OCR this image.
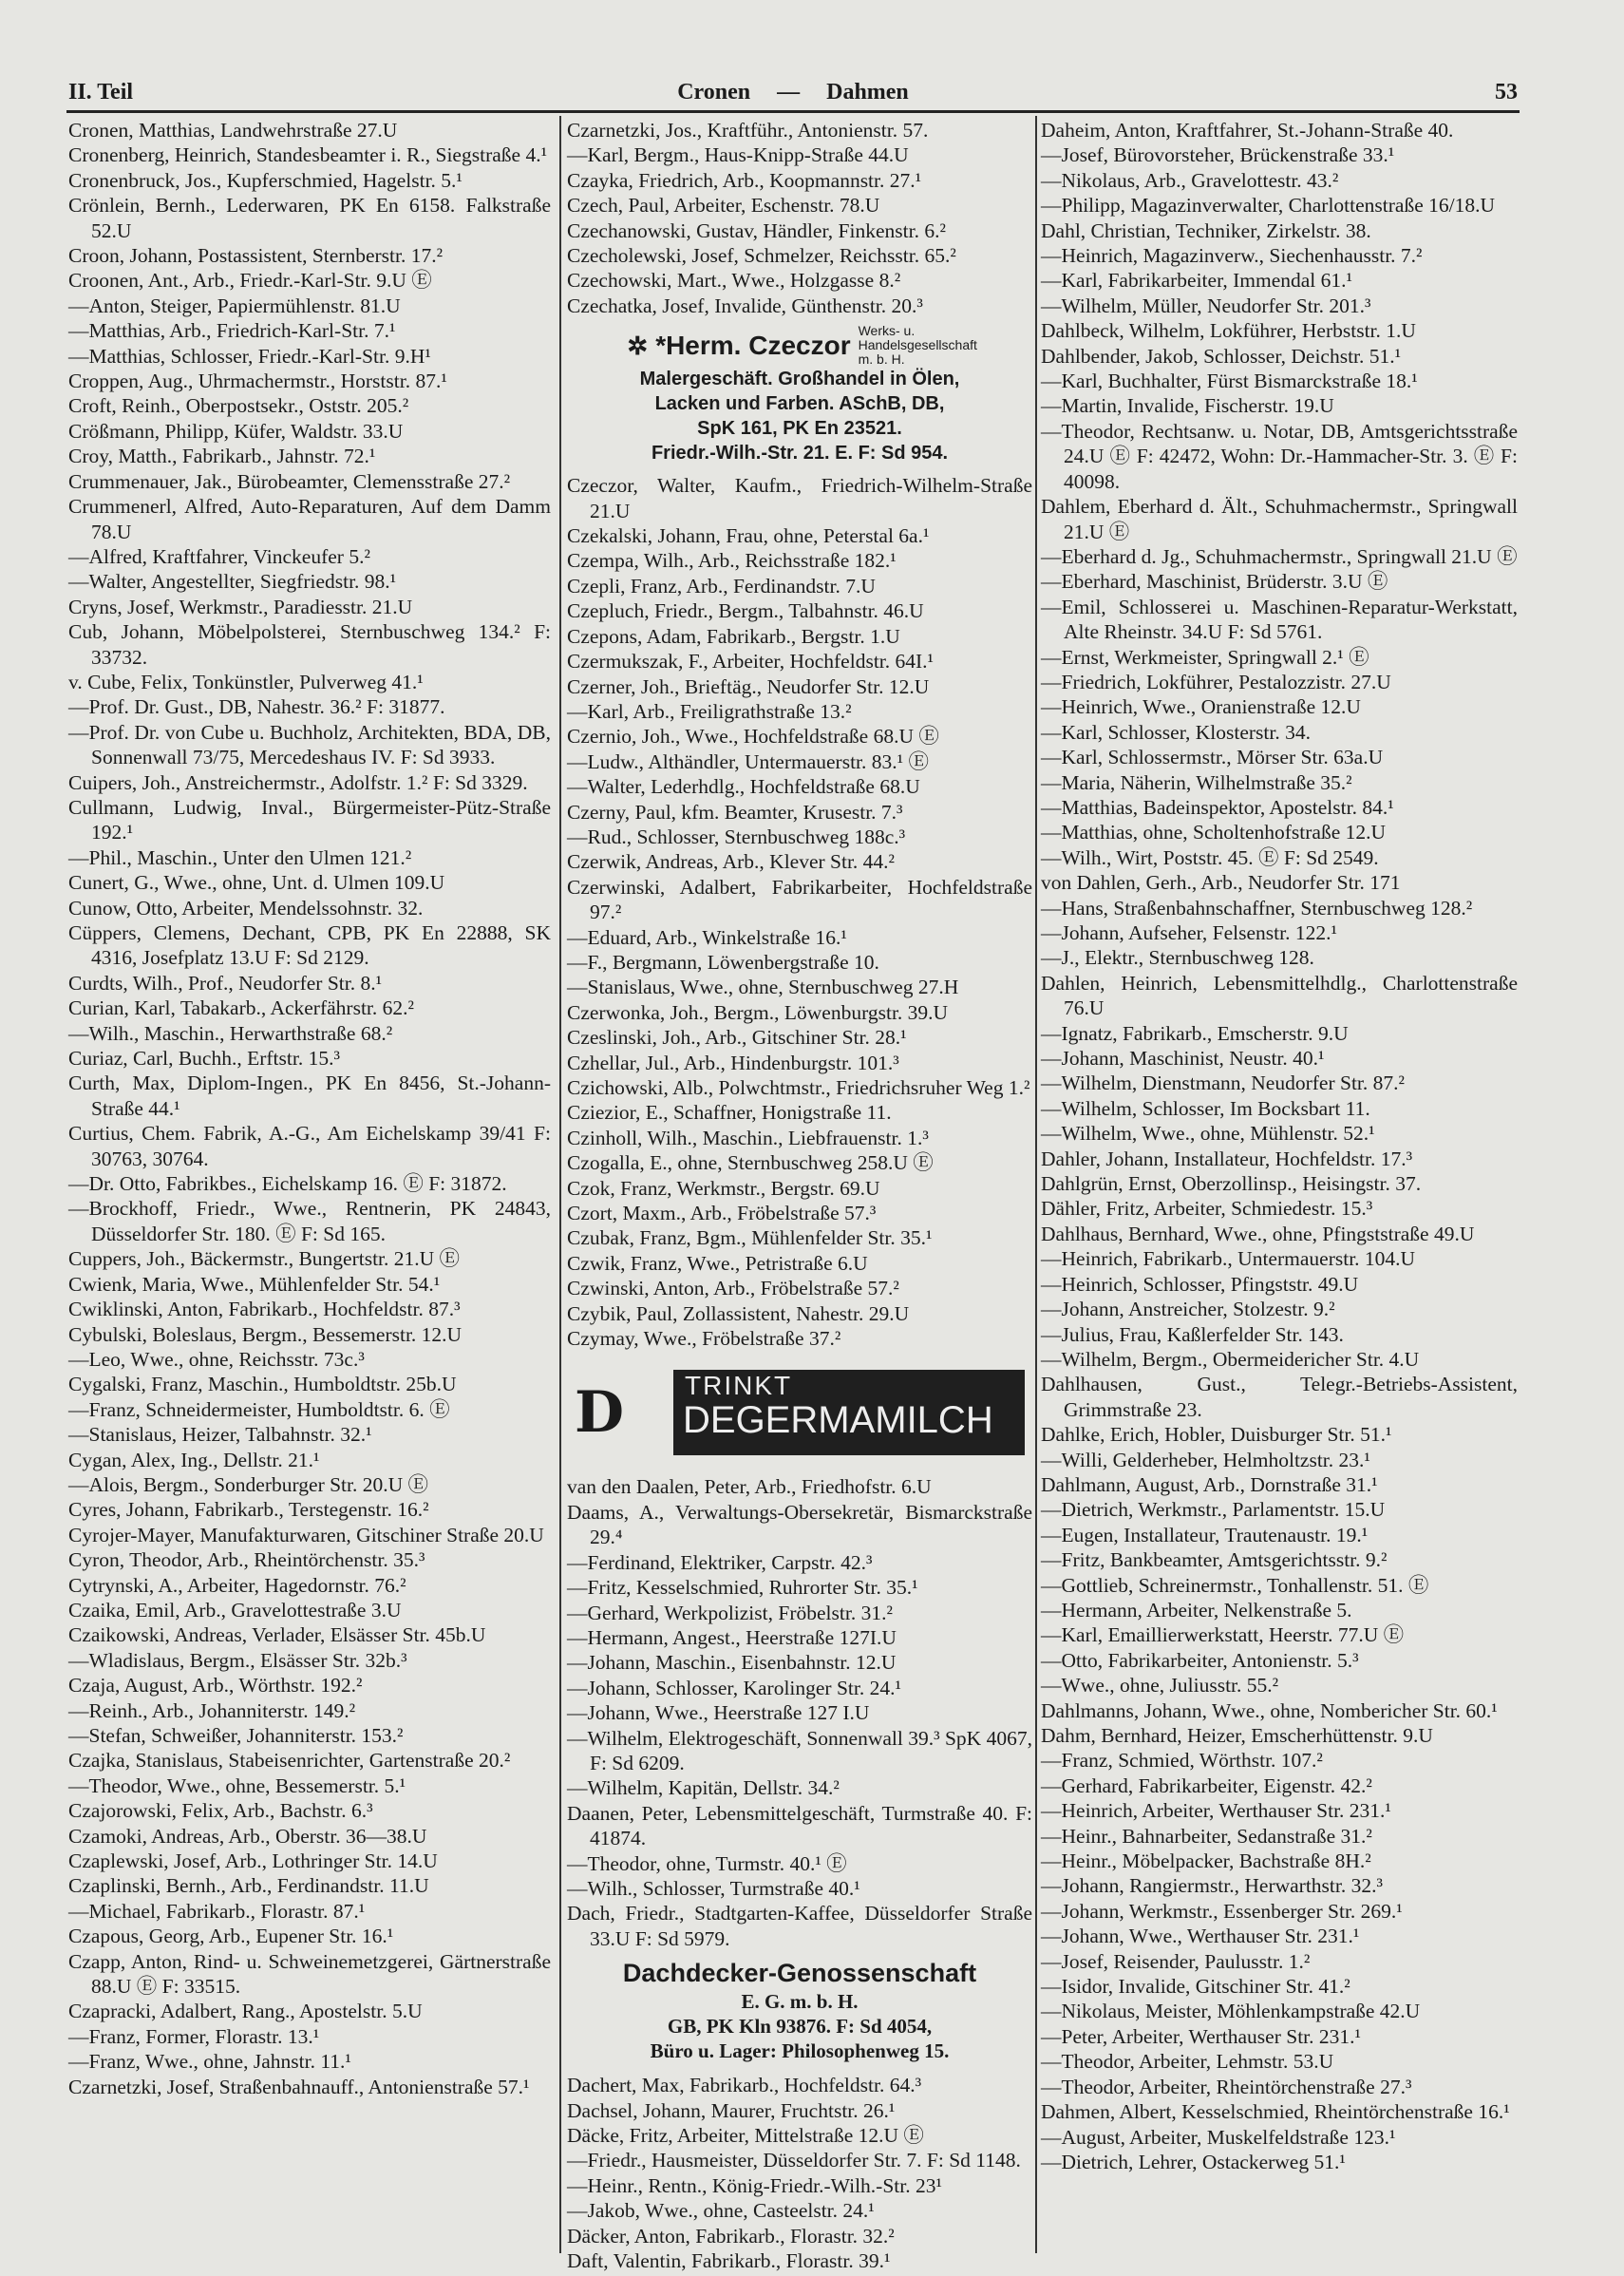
II. Teil	Cronen — Dahmen	53
Cronen, Matthias, Landwehrstraße 27.U
Cronenberg, Heinrich, Standesbeamter i. R., Siegstraße 4.¹
Cronenbruck, Jos., Kupferschmied, Hagelstr. 5.¹
Crönlein, Bernh., Lederwaren, PK En 6158. Falkstraße 52.U
Croon, Johann, Postassistent, Sternberstr. 17.²
Croonen, Ant., Arb., Friedr.-Karl-Str. 9.U Ⓔ
—Anton, Steiger, Papiermühlenstr. 81.U
—Matthias, Arb., Friedrich-Karl-Str. 7.¹
—Matthias, Schlosser, Friedr.-Karl-Str. 9.H¹
Croppen, Aug., Uhrmachermstr., Horststr. 87.¹
Croft, Reinh., Oberpostsekr., Oststr. 205.²
Crößmann, Philipp, Küfer, Waldstr. 33.U
Croy, Matth., Fabrikarb., Jahnstr. 72.¹
Crummenauer, Jak., Bürobeamter, Clemensstraße 27.²
Crummenerl, Alfred, Auto-Reparaturen, Auf dem Damm 78.U
—Alfred, Kraftfahrer, Vinckeufer 5.²
—Walter, Angestellter, Siegfriedstr. 98.¹
Cryns, Josef, Werkmstr., Paradiesstr. 21.U
Cub, Johann, Möbelpolsterei, Sternbuschweg 134.² F: 33732.
v. Cube, Felix, Tonkünstler, Pulverweg 41.¹
—Prof. Dr. Gust., DB, Nahestr. 36.² F: 31877.
—Prof. Dr. von Cube u. Buchholz, Architekten, BDA, DB, Sonnenwall 73/75, Mercedeshaus IV. F: Sd 3933.
Cuipers, Joh., Anstreichermstr., Adolfstr. 1.² F: Sd 3329.
Cullmann, Ludwig, Inval., Bürgermeister-Pütz-Straße 192.¹
—Phil., Maschin., Unter den Ulmen 121.²
Cunert, G., Wwe., ohne, Unt. d. Ulmen 109.U
Cunow, Otto, Arbeiter, Mendelssohnstr. 32.
Cüppers, Clemens, Dechant, CPB, PK En 22888, SK 4316, Josefplatz 13.U F: Sd 2129.
Curdts, Wilh., Prof., Neudorfer Str. 8.¹
Curian, Karl, Tabakarb., Ackerfährstr. 62.²
—Wilh., Maschin., Herwarthstraße 68.²
Curiaz, Carl, Buchh., Erftstr. 15.³
Curth, Max, Diplom-Ingen., PK En 8456, St.-Johann-Straße 44.¹
Curtius, Chem. Fabrik, A.-G., Am Eichelskamp 39/41 F: 30763, 30764.
—Dr. Otto, Fabrikbes., Eichelskamp 16. Ⓔ F: 31872.
—Brockhoff, Friedr., Wwe., Rentnerin, PK 24843, Düsseldorfer Str. 180. Ⓔ F: Sd 165.
Cuppers, Joh., Bäckermstr., Bungertstr. 21.U Ⓔ
Cwienk, Maria, Wwe., Mühlenfelder Str. 54.¹
Cwiklinski, Anton, Fabrikarb., Hochfeldstr. 87.³
Cybulski, Boleslaus, Bergm., Bessemerstr. 12.U
—Leo, Wwe., ohne, Reichsstr. 73c.³
Cygalski, Franz, Maschin., Humboldtstr. 25b.U
—Franz, Schneidermeister, Humboldtstr. 6. Ⓔ
—Stanislaus, Heizer, Talbahnstr. 32.¹
Cygan, Alex, Ing., Dellstr. 21.¹
—Alois, Bergm., Sonderburger Str. 20.U Ⓔ
Cyres, Johann, Fabrikarb., Terstegenstr. 16.²
Cyrojer-Mayer, Manufakturwaren, Gitschiner Straße 20.U
Cyron, Theodor, Arb., Rheintörchenstr. 35.³
Cytrynski, A., Arbeiter, Hagedornstr. 76.²
Czaika, Emil, Arb., Gravelottestraße 3.U
Czaikowski, Andreas, Verlader, Elsässer Str. 45b.U
—Wladislaus, Bergm., Elsässer Str. 32b.³
Czaja, August, Arb., Wörthstr. 192.²
—Reinh., Arb., Johanniterstr. 149.²
—Stefan, Schweißer, Johanniterstr. 153.²
Czajka, Stanislaus, Stabeisenrichter, Gartenstraße 20.²
—Theodor, Wwe., ohne, Bessemerstr. 5.¹
Czajorowski, Felix, Arb., Bachstr. 6.³
Czamoki, Andreas, Arb., Oberstr. 36—38.U
Czaplewski, Josef, Arb., Lothringer Str. 14.U
Czaplinski, Bernh., Arb., Ferdinandstr. 11.U
—Michael, Fabrikarb., Florastr. 87.¹
Czapous, Georg, Arb., Eupener Str. 16.¹
Czapp, Anton, Rind- u. Schweinemetzgerei, Gärtnerstraße 88.U Ⓔ F: 33515.
Czapracki, Adalbert, Rang., Apostelstr. 5.U
—Franz, Former, Florastr. 13.¹
—Franz, Wwe., ohne, Jahnstr. 11.¹
Czarnetzki, Josef, Straßenbahnauff., Antonienstraße 57.¹
Czarnetzki, Jos., Kraftführ., Antonienstr. 57.
—Karl, Bergm., Haus-Knipp-Straße 44.U
Czayka, Friedrich, Arb., Koopmannstr. 27.¹
Czech, Paul, Arbeiter, Eschenstr. 78.U
Czechanowski, Gustav, Händler, Finkenstr. 6.²
Czecholewski, Josef, Schmelzer, Reichsstr. 65.²
Czechowski, Mart., Wwe., Holzgasse 8.²
Czechatka, Josef, Invalide, Günthenstr. 20.³
✲ *Herm. Czeczor Werks- u. Handelsgesellschaft m. b. H.
Malergeschäft. Großhandel in Ölen,
Lacken und Farben. ASchB, DB,
SpK 161, PK En 23521.
Friedr.-Wilh.-Str. 21. E. F: Sd 954.
Czeczor, Walter, Kaufm., Friedrich-Wilhelm-Straße 21.U
Czekalski, Johann, Frau, ohne, Peterstal 6a.¹
Czempa, Wilh., Arb., Reichsstraße 182.¹
Czepli, Franz, Arb., Ferdinandstr. 7.U
Czepluch, Friedr., Bergm., Talbahnstr. 46.U
Czepons, Adam, Fabrikarb., Bergstr. 1.U
Czermukszak, F., Arbeiter, Hochfeldstr. 64I.¹
Czerner, Joh., Brieftäg., Neudorfer Str. 12.U
—Karl, Arb., Freiligrathstraße 13.²
Czernio, Joh., Wwe., Hochfeldstraße 68.U Ⓔ
—Ludw., Althändler, Untermauerstr. 83.¹ Ⓔ
—Walter, Lederhdlg., Hochfeldstraße 68.U
Czerny, Paul, kfm. Beamter, Krusestr. 7.³
—Rud., Schlosser, Sternbuschweg 188c.³
Czerwik, Andreas, Arb., Klever Str. 44.²
Czerwinski, Adalbert, Fabrikarbeiter, Hochfeldstraße 97.²
—Eduard, Arb., Winkelstraße 16.¹
—F., Bergmann, Löwenbergstraße 10.
—Stanislaus, Wwe., ohne, Sternbuschweg 27.H
Czerwonka, Joh., Bergm., Löwenburgstr. 39.U
Czeslinski, Joh., Arb., Gitschiner Str. 28.¹
Czhellar, Jul., Arb., Hindenburgstr. 101.³
Czichowski, Alb., Polwchtmstr., Friedrichsruher Weg 1.²
Cziezior, E., Schaffner, Honigstraße 11.
Czinholl, Wilh., Maschin., Liebfrauenstr. 1.³
Czogalla, E., ohne, Sternbuschweg 258.U Ⓔ
Czok, Franz, Werkmstr., Bergstr. 69.U
Czort, Maxm., Arb., Fröbelstraße 57.³
Czubak, Franz, Bgm., Mühlenfelder Str. 35.¹
Czwik, Franz, Wwe., Petristraße 6.U
Czwinski, Anton, Arb., Fröbelstraße 57.²
Czybik, Paul, Zollassistent, Nahestr. 29.U
Czymay, Wwe., Fröbelstraße 37.²
D TRINKT
DEGERMAMILCH
van den Daalen, Peter, Arb., Friedhofstr. 6.U
Daams, A., Verwaltungs-Obersekretär, Bismarckstraße 29.⁴
—Ferdinand, Elektriker, Carpstr. 42.³
—Fritz, Kesselschmied, Ruhrorter Str. 35.¹
—Gerhard, Werkpolizist, Fröbelstr. 31.²
—Hermann, Angest., Heerstraße 127I.U
—Johann, Maschin., Eisenbahnstr. 12.U
—Johann, Schlosser, Karolinger Str. 24.¹
—Johann, Wwe., Heerstraße 127 I.U
—Wilhelm, Elektrogeschäft, Sonnenwall 39.³ SpK 4067, F: Sd 6209.
—Wilhelm, Kapitän, Dellstr. 34.²
Daanen, Peter, Lebensmittelgeschäft, Turmstraße 40. F: 41874.
—Theodor, ohne, Turmstr. 40.¹ Ⓔ
—Wilh., Schlosser, Turmstraße 40.¹
Dach, Friedr., Stadtgarten-Kaffee, Düsseldorfer Straße 33.U F: Sd 5979.
Dachdecker-Genossenschaft
E. G. m. b. H.
GB, PK Kln 93876. F: Sd 4054,
Büro u. Lager: Philosophenweg 15.
Dachert, Max, Fabrikarb., Hochfeldstr. 64.³
Dachsel, Johann, Maurer, Fruchtstr. 26.¹
Däcke, Fritz, Arbeiter, Mittelstraße 12.U Ⓔ
—Friedr., Hausmeister, Düsseldorfer Str. 7. F: Sd 1148.
—Heinr., Rentn., König-Friedr.-Wilh.-Str. 23¹
—Jakob, Wwe., ohne, Casteelstr. 24.¹
Däcker, Anton, Fabrikarb., Florastr. 32.²
Daft, Valentin, Fabrikarb., Florastr. 39.¹
Daheim, Anton, Kraftfahrer, St.-Johann-Straße 40.
—Josef, Bürovorsteher, Brückenstraße 33.¹
—Nikolaus, Arb., Gravelottestr. 43.²
—Philipp, Magazinverwalter, Charlottenstraße 16/18.U
Dahl, Christian, Techniker, Zirkelstr. 38.
—Heinrich, Magazinverw., Siechenhausstr. 7.²
—Karl, Fabrikarbeiter, Immendal 61.¹
—Wilhelm, Müller, Neudorfer Str. 201.³
Dahlbeck, Wilhelm, Lokführer, Herbststr. 1.U
Dahlbender, Jakob, Schlosser, Deichstr. 51.¹
—Karl, Buchhalter, Fürst Bismarckstraße 18.¹
—Martin, Invalide, Fischerstr. 19.U
—Theodor, Rechtsanw. u. Notar, DB, Amtsgerichtsstraße 24.U Ⓔ F: 42472, Wohn: Dr.-Hammacher-Str. 3. Ⓔ F: 40098.
Dahlem, Eberhard d. Ält., Schuhmachermstr., Springwall 21.U Ⓔ
—Eberhard d. Jg., Schuhmachermstr., Springwall 21.U Ⓔ
—Eberhard, Maschinist, Brüderstr. 3.U Ⓔ
—Emil, Schlosserei u. Maschinen-Reparatur-Werkstatt, Alte Rheinstr. 34.U F: Sd 5761.
—Ernst, Werkmeister, Springwall 2.¹ Ⓔ
—Friedrich, Lokführer, Pestalozzistr. 27.U
—Heinrich, Wwe., Oranienstraße 12.U
—Karl, Schlosser, Klosterstr. 34.
—Karl, Schlossermstr., Mörser Str. 63a.U
—Maria, Näherin, Wilhelmstraße 35.²
—Matthias, Badeinspektor, Apostelstr. 84.¹
—Matthias, ohne, Scholtenhofstraße 12.U
—Wilh., Wirt, Poststr. 45. Ⓔ F: Sd 2549.
von Dahlen, Gerh., Arb., Neudorfer Str. 171
—Hans, Straßenbahnschaffner, Sternbuschweg 128.²
—Johann, Aufseher, Felsenstr. 122.¹
—J., Elektr., Sternbuschweg 128.
Dahlen, Heinrich, Lebensmittelhdlg., Charlottenstraße 76.U
—Ignatz, Fabrikarb., Emscherstr. 9.U
—Johann, Maschinist, Neustr. 40.¹
—Wilhelm, Dienstmann, Neudorfer Str. 87.²
—Wilhelm, Schlosser, Im Bocksbart 11.
—Wilhelm, Wwe., ohne, Mühlenstr. 52.¹
Dahler, Johann, Installateur, Hochfeldstr. 17.³
Dahlgrün, Ernst, Oberzollinsp., Heisingstr. 37.
Dähler, Fritz, Arbeiter, Schmiedestr. 15.³
Dahlhaus, Bernhard, Wwe., ohne, Pfingststraße 49.U
—Heinrich, Fabrikarb., Untermauerstr. 104.U
—Heinrich, Schlosser, Pfingststr. 49.U
—Johann, Anstreicher, Stolzestr. 9.²
—Julius, Frau, Kaßlerfelder Str. 143.
—Wilhelm, Bergm., Obermeidericher Str. 4.U
Dahlhausen, Gust., Telegr.-Betriebs-Assistent, Grimmstraße 23.
Dahlke, Erich, Hobler, Duisburger Str. 51.¹
—Willi, Gelderheber, Helmholtzstr. 23.¹
Dahlmann, August, Arb., Dornstraße 31.¹
—Dietrich, Werkmstr., Parlamentstr. 15.U
—Eugen, Installateur, Trautenaustr. 19.¹
—Fritz, Bankbeamter, Amtsgerichtsstr. 9.²
—Gottlieb, Schreinermstr., Tonhallenstr. 51. Ⓔ
—Hermann, Arbeiter, Nelkenstraße 5.
—Karl, Emaillierwerkstatt, Heerstr. 77.U Ⓔ
—Otto, Fabrikarbeiter, Antonienstr. 5.³
—Wwe., ohne, Juliusstr. 55.²
Dahlmanns, Johann, Wwe., ohne, Nombericher Str. 60.¹
Dahm, Bernhard, Heizer, Emscherhüttenstr. 9.U
—Franz, Schmied, Wörthstr. 107.²
—Gerhard, Fabrikarbeiter, Eigenstr. 42.²
—Heinrich, Arbeiter, Werthauser Str. 231.¹
—Heinr., Bahnarbeiter, Sedanstraße 31.²
—Heinr., Möbelpacker, Bachstraße 8H.²
—Johann, Rangiermstr., Herwarthstr. 32.³
—Johann, Werkmstr., Essenberger Str. 269.¹
—Johann, Wwe., Werthauser Str. 231.¹
—Josef, Reisender, Paulusstr. 1.²
—Isidor, Invalide, Gitschiner Str. 41.²
—Nikolaus, Meister, Möhlenkampstraße 42.U
—Peter, Arbeiter, Werthauser Str. 231.¹
—Theodor, Arbeiter, Lehmstr. 53.U
—Theodor, Arbeiter, Rheintörchenstraße 27.³
Dahmen, Albert, Kesselschmied, Rheintörchenstraße 16.¹
—August, Arbeiter, Muskelfeldstraße 123.¹
—Dietrich, Lehrer, Ostackerweg 51.¹
